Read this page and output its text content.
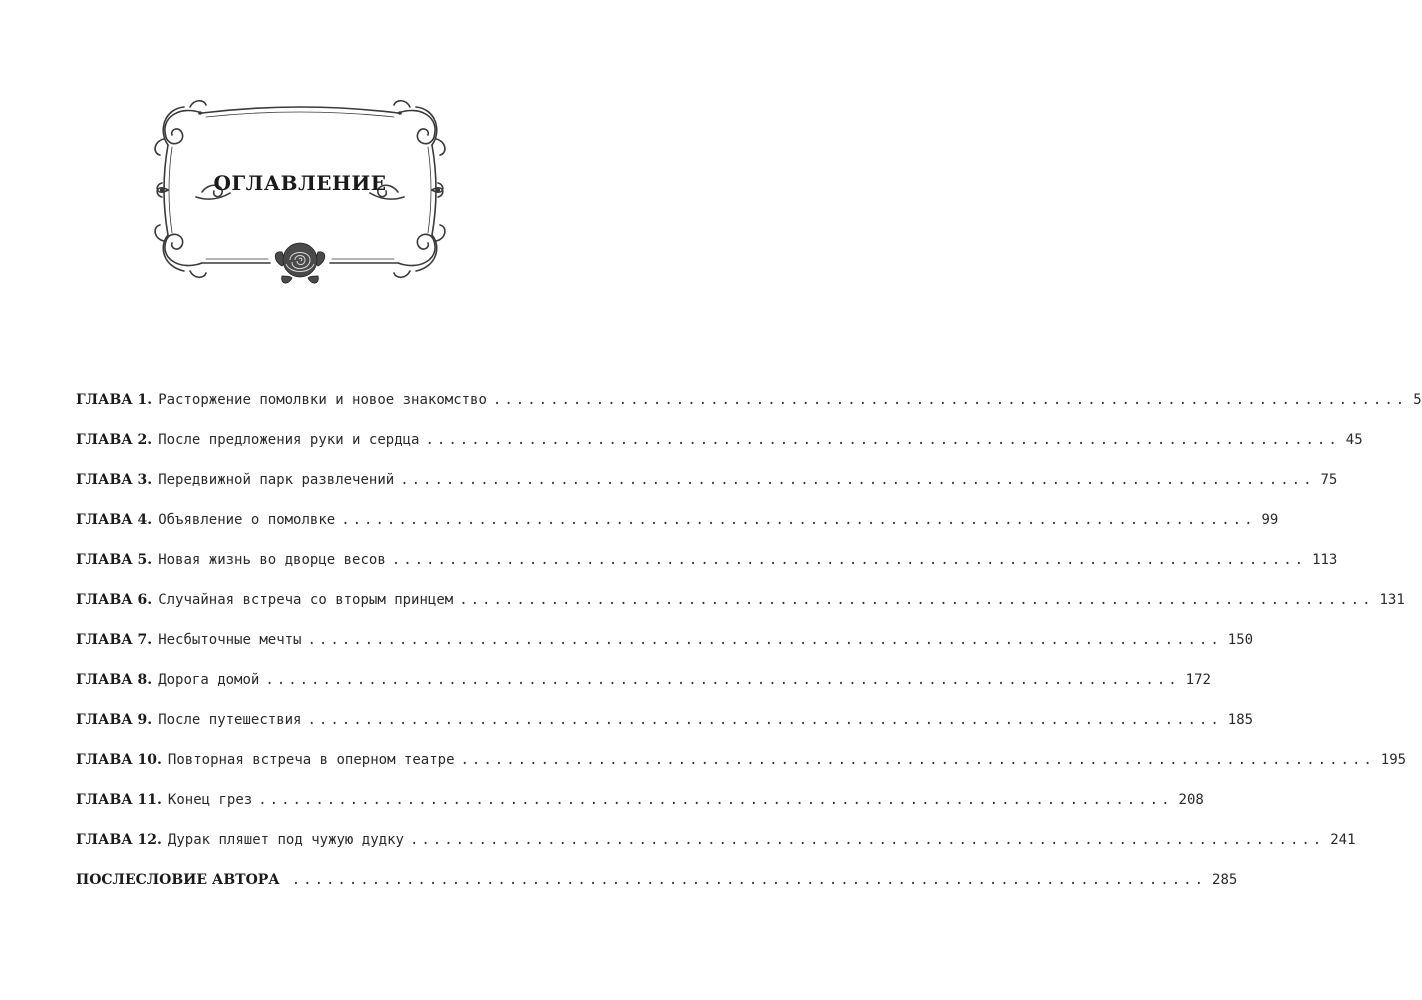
ОГЛАВЛЕНИЕ
ГЛАВА 1. Расторжение помолвки и новое знакомство ................................................................................ 5
ГЛАВА 2. После предложения руки и сердца ................................................................................ 45
ГЛАВА 3. Передвижной парк развлечений ................................................................................ 75
ГЛАВА 4. Объявление о помолвке ................................................................................ 99
ГЛАВА 5. Новая жизнь во дворце весов ................................................................................ 113
ГЛАВА 6. Случайная встреча со вторым принцем ................................................................................ 131
ГЛАВА 7. Несбыточные мечты ................................................................................ 150
ГЛАВА 8. Дорога домой ................................................................................ 172
ГЛАВА 9. После путешествия ................................................................................ 185
ГЛАВА 10. Повторная встреча в оперном театре ................................................................................ 195
ГЛАВА 11. Конец грез ................................................................................ 208
ГЛАВА 12. Дурак пляшет под чужую дудку ................................................................................ 241
ПОСЛЕСЛОВИЕ АВТОРА ................................................................................ 285
